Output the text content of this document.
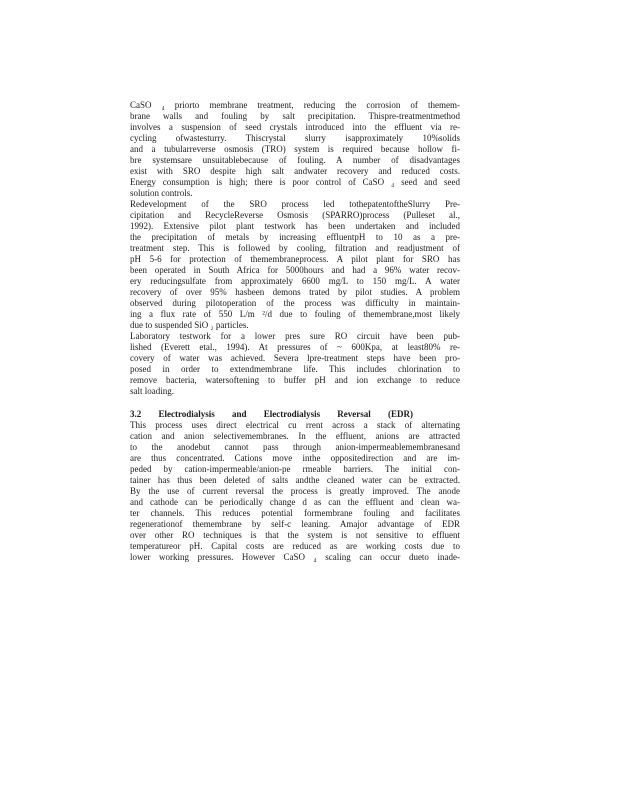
CaSO ₄ priorto membrane treatment, reducing the corrosion of themem-
brane walls and fouling by salt precipitation. Thispre-treatmentmethod
involves a suspension of seed crystals introduced into the effluent via re-
cycling ofwastesturry. Thiscrystal slurry isapproximately 10%solids
and a tubularreverse osmosis (TRO) system is required because hollow fi-
bre systemsare unsuitablebecause of fouling. A number of disadvantages
exist with SRO despite high salt andwater recovery and reduced costs.
Energy consumption is high; there is poor control of CaSO ₄ seed and seed
solution controls.
Redevelopment of the SRO process led tothepatentoftheSlurry Pre-
cipitation and RecycleReverse Osmosis (SPARRO)process (Pulleset al.,
1992). Extensive pilot plant testwork has been undertaken and included
the precipitation of metals by increasing effluentpH to 10 as a pre-
treatment step. This is followed by cooling, filtration and readjustment of
pH 5-6 for protection of themembraneprocess. A pilot plant for SRO has
been operated in South Africa for 5000hours and had a 96% water recov-
ery reducingsulfate from approximately 6600 mg/L to 150 mg/L. A water
recovery of over 95% hasbeen demons trated by pilot studies. A problem
observed during pilotoperation of the process was difficulty in maintain-
ing a flux rate of 550 L/m ²/d due to fouling of themembrane,most likely
due to suspended SiO ₂ particles.
Laboratory testwork for a lower pres sure RO circuit have been pub-
lished (Everett etal., 1994). At pressures of ~ 600Kpa, at least80% re-
covery of water was achieved. Severa lpre-treatment steps have been pro-
posed in order to extendmembrane life. This includes chlorination to
remove bacteria, watersoftening to buffer pH and ion exchange to reduce
salt loading.
3.2 Electrodialysis and Electrodialysis Reversal (EDR)
This process uses direct electrical cu rrent across a stack of alternating
cation and anion selectivemembranes. In the effluent, anions are attracted
to the anodebut cannot pass through anion-impermeablemembranesand
are thus concentrated. Cations move inthe oppositedirection and are im-
peded by cation-impermeable/anion-pe rmeable barriers. The initial con-
tainer has thus been deleted of salts andthe cleaned water can be extracted.
By the use of current reversal the process is greatly improved. The anode
and cathode can be periodically change d as can the effluent and clean wa-
ter channels. This reduces potential formembrane fouling and facilitates
regenerationof themembrane by self-c leaning. Amajor advantage of EDR
over other RO techniques is that the system is not sensitive to effluent
temperatureor pH. Capital costs are reduced as are working costs due to
lower working pressures. However CaSO ₄ scaling can occur dueto inade-
